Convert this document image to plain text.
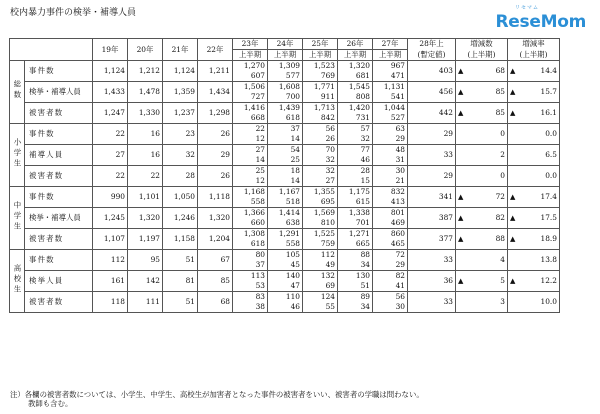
校内暴力事件の検挙・補導人員	リセマム
ReseMom
		19年	20年	21年	22年	23年	24年	25年	26年	27年	28年上	増減数	増減率
						上半期	上半期	上半期	上半期	上半期	(暫定値)	(上半期)	(上半期)
総数	事件数	1,124	1,212	1,124	1,211	1,270	1,309	1,523	1,320	967	403	▲ 68	▲ 14.4
						607	577	769	681	471			
	検挙・補導人員	1,433	1,478	1,359	1,434	1,506	1,608	1,771	1,545	1,131	456	▲ 85	▲ 15.7
						727	700	911	808	541			
	被害者数	1,247	1,330	1,237	1,298	1,416	1,439	1,713	1,420	1,044	442	▲ 85	▲ 16.1
						668	618	842	731	527			
小学生	事件数	22	16	23	26	22	37	56	57	63	29	0	0.0
						12	14	26	32	29			
	補導人員	27	16	32	29	27	54	70	77	48	33	2	6.5
						14	25	32	46	31			
	被害者数	22	22	28	26	25	18	32	28	30	29	0	0.0
						12	14	27	15	21			
中学生	事件数	990	1,101	1,050	1,118	1,168	1,167	1,355	1,175	832	341	▲ 72	▲ 17.4
						558	518	695	615	413			
	検挙・補導人員	1,245	1,320	1,246	1,320	1,366	1,414	1,569	1,338	801	387	▲ 82	▲ 17.5
						660	638	810	701	469			
	被害者数	1,107	1,197	1,158	1,204	1,308	1,291	1,525	1,271	860	377	▲ 88	▲ 18.9
						618	558	759	665	465			
高校生	事件数	112	95	51	67	80	105	112	88	72	33	4	13.8
						37	45	49	34	29			
	検挙人員	161	142	81	85	113	140	132	130	82	36	▲ 5	▲ 12.2
						53	47	69	51	41			
	被害者数	118	111	51	68	83	110	124	89	56	33	3	10.0
						38	46	55	34	30			
注）各欄の被害者数については、小学生、中学生、高校生が加害者となった事件の被害者をいい、被害者の学職は問わない。
教師も含む。
